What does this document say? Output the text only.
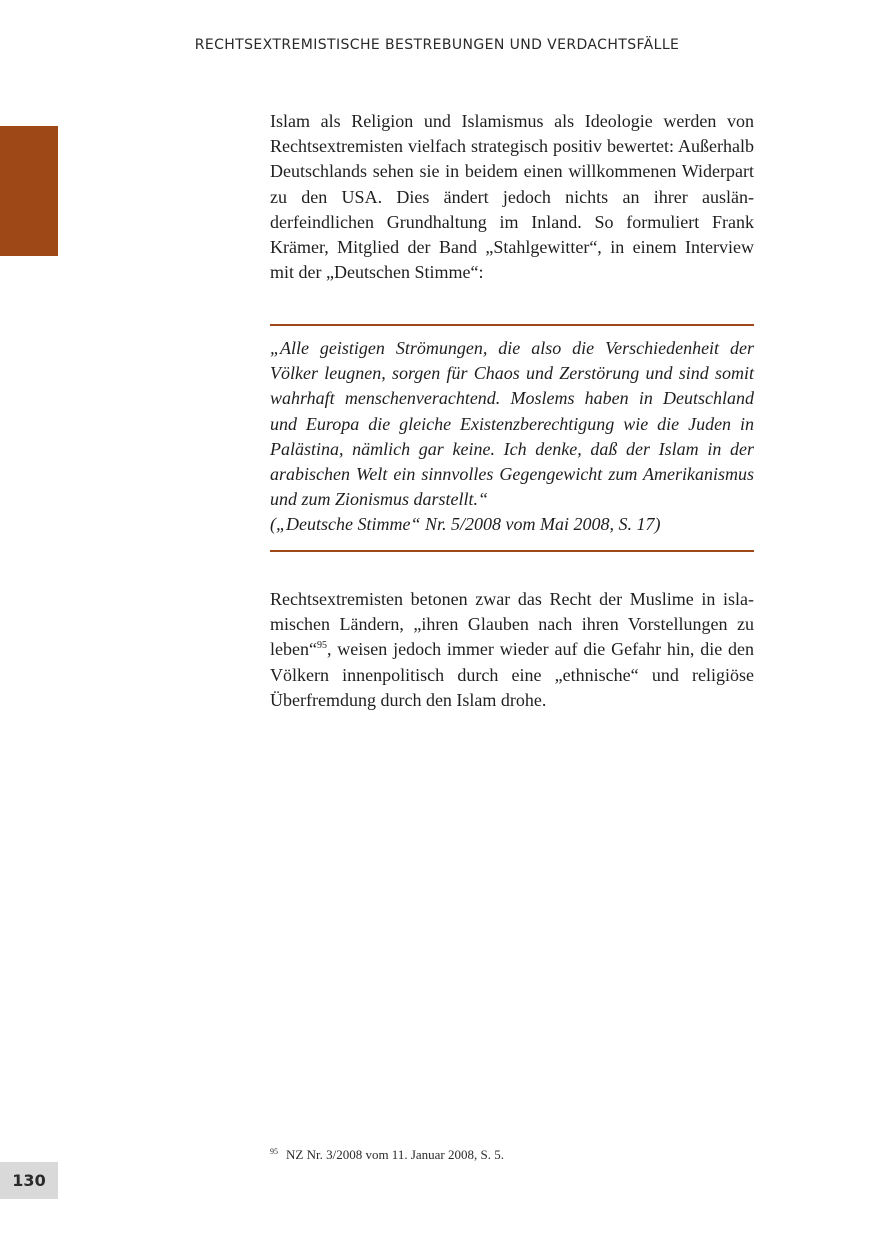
RECHTSEXTREMISTISCHE BESTREBUNGEN UND VERDACHTSFÄLLE

Islam als Religion und Islamismus als Ideologie werden von Rechtsextremisten vielfach strategisch positiv bewertet: Außerhalb Deutschlands sehen sie in beidem einen willkommenen Widerpart zu den USA. Dies ändert jedoch nichts an ihrer ausländerfeindlichen Grundhaltung im Inland. So formuliert Frank Krämer, Mitglied der Band „Stahlgewitter“, in einem Interview mit der „Deutschen Stimme“:

„Alle geistigen Strömungen, die also die Verschiedenheit der Völker leugnen, sorgen für Chaos und Zerstörung und sind somit wahrhaft menschenverachtend. Moslems haben in Deutschland und Europa die gleiche Existenzberechtigung wie die Juden in Palästina, nämlich gar keine. Ich denke, daß der Islam in der arabischen Welt ein sinnvolles Gegengewicht zum Amerikanismus und zum Zionismus darstellt.“

(„Deutsche Stimme“ Nr. 5/2008 vom Mai 2008, S. 17)

Rechtsextremisten betonen zwar das Recht der Muslime in islamischen Ländern, „ihren Glauben nach ihren Vorstellungen zu leben“$^{95}$, weisen jedoch immer wieder auf die Gefahr hin, die den Völkern innenpolitisch durch eine „ethnische“ und religiöse Überfremdung durch den Islam drohe.

$^{95}$ NZ Nr. 3/2008 vom 11. Januar 2008, S. 5.
130
